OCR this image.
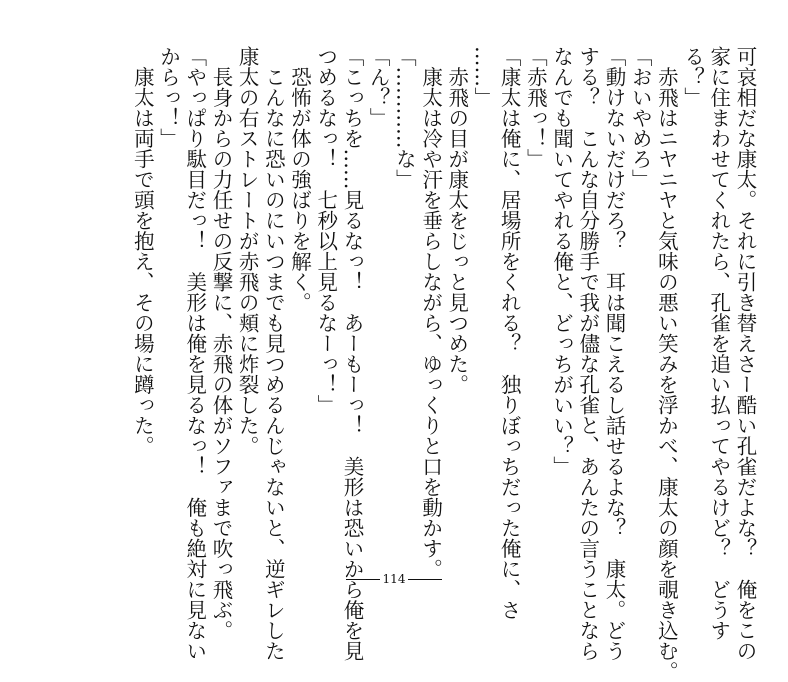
可哀相だな康太。それに引き替えさー酷い孔雀だよな？　俺をこの
家に住まわせてくれたら、孔雀を追い払ってやるけど？　どうす
る？」
　赤飛はニヤニヤと気味の悪い笑みを浮かべ、康太の顔を覗き込む。
「おいやめろ」
「動けないだけだろ？　耳は聞こえるし話せるよな？　康太。どう
する？　こんな自分勝手で我が儘な孔雀と、あんたの言うことなら
なんでも聞いてやれる俺と、どっちがいい？」
「赤飛っ！」
「康太は俺に、居場所をくれる？　独りぼっちだった俺に、さ
……」
　赤飛の目が康太をじっと見つめた。
　康太は冷や汗を垂らしながら、ゆっくりと口を動かす。
「…………な」
「ん？」
「こっちを……見るなっ！　あーもーっ！　美形は恐いから俺を見
つめるなっ！　七秒以上見るなーっ！」
　恐怖が体の強ばりを解く。
　こんなに恐いのにいつまでも見つめるんじゃないと、逆ギレした
康太の右ストレートが赤飛の頬に炸裂した。
　長身からの力任せの反撃に、赤飛の体がソファまで吹っ飛ぶ。
「やっぱり駄目だっ！　美形は俺を見るなっ！　俺も絶対に見ない
からっ！」
　康太は両手で頭を抱え、その場に蹲った。
114
